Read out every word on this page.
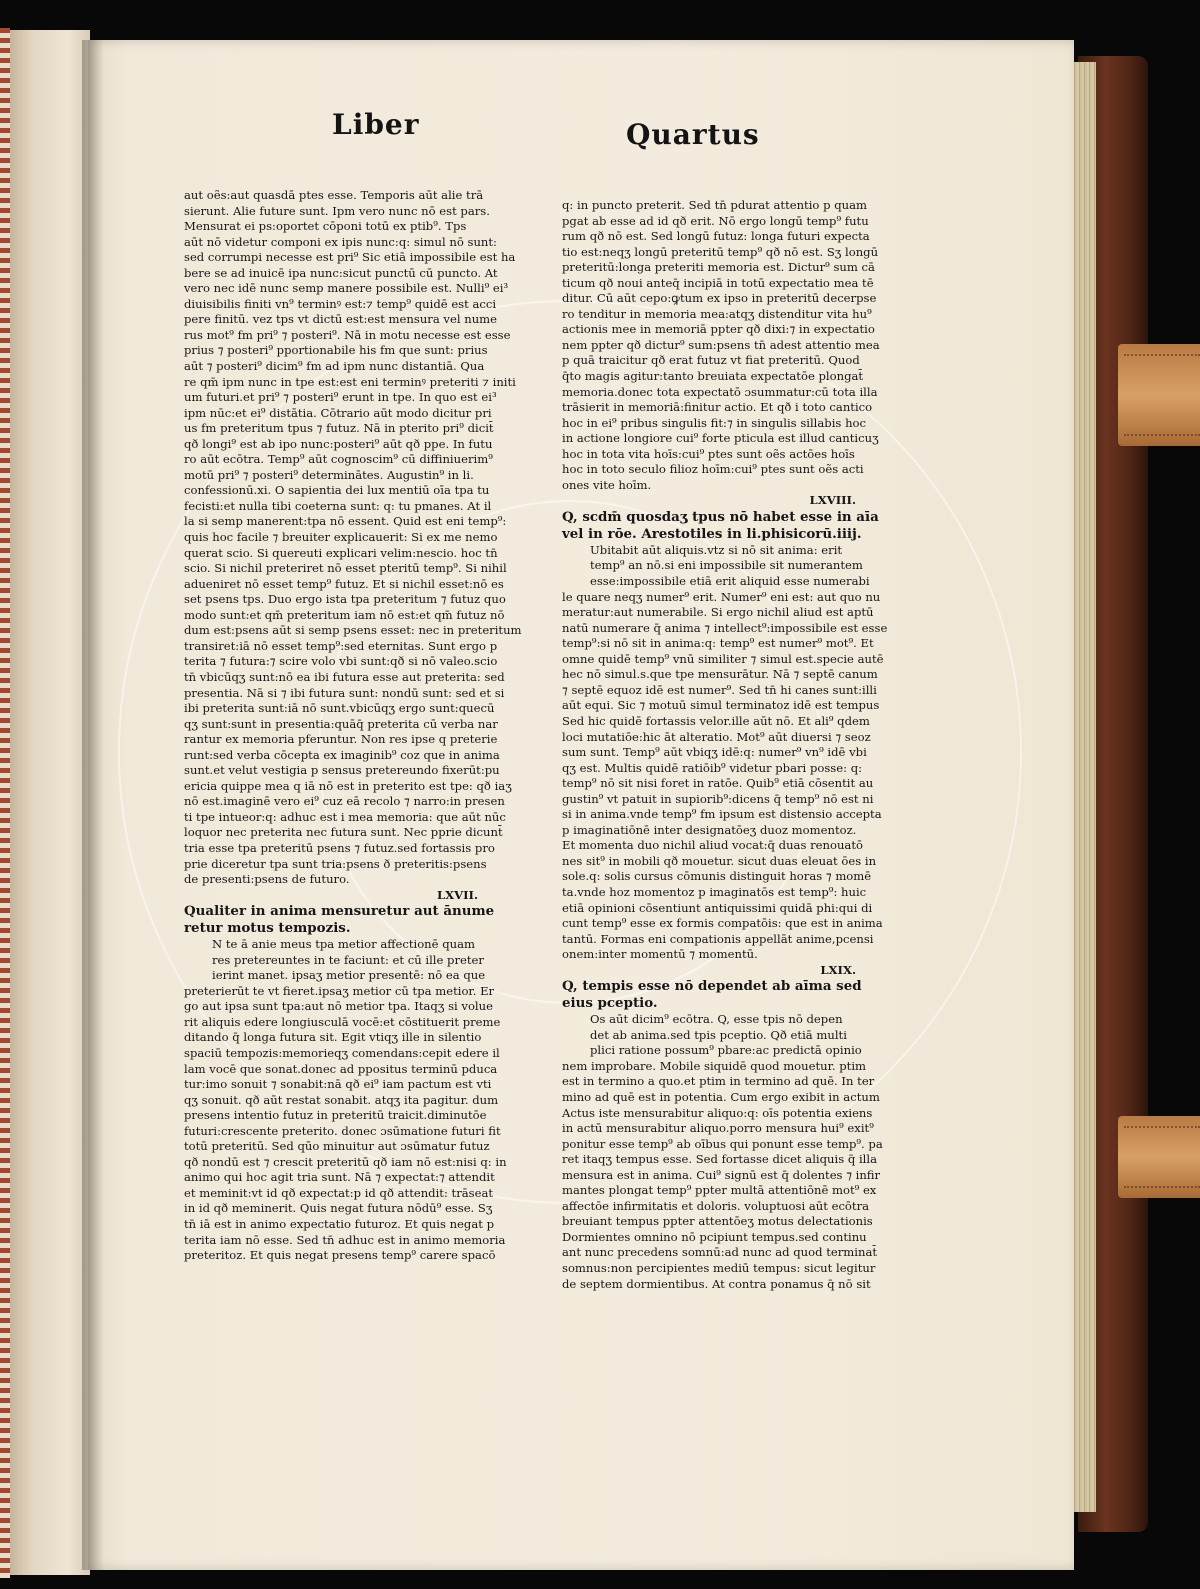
Liber	Quartus
aut oẽs:aut quasdā ptes esse. Temporis aūt alie trā
sierunt. Alie future sunt. Ipm vero nunc nō est pars.
Mensurat ei ps:oportet cōponi totū ex ptib⁹. Tps
aūt nō videtur componi ex ipis nunc:q: simul nō sunt:
sed corrumpi necesse est pri⁹ Sic etiā impossibile est ha
bere se ad inuicē ipa nunc:sicut punctū cū puncto. At
vero nec idē nunc semp manere possibile est. Nulli⁹ ei³
diuisibilis finiti vn⁹ terminꝰ est:⁊ temp⁹ quidē est acci
pere finitū. vez tps vt dictū est:est mensura vel nume
rus mot⁹ fm pri⁹ ⁊ posteri⁹. Nā in motu necesse est esse
prius ⁊ posteri⁹ pportionabile his fm que sunt: prius
aūt ⁊ posteri⁹ dicim⁹ fm ad ipm nunc distantiā. Qua
re qm̄ ipm nunc in tpe est:est eni terminꝰ preteriti ⁊ initi
um futuri.et pri⁹ ⁊ posteri⁹ erunt in tpe. In quo est ei³
ipm nūc:et ei⁹ distātia. Cōtrario aūt modo dicitur pri
us fm preteritum tpus ⁊ futuz. Nā in pterito pri⁹ dicit̄
qð longi⁹ est ab ipo nunc:posteri⁹ aūt qð ppe. In futu
ro aūt ecōtra. Temp⁹ aūt cognoscim⁹ cū diffiniuerim⁹
motū pri⁹ ⁊ posteri⁹ determinātes. Augustin⁹ in li.
confessionū.xi. O sapientia dei lux mentiū oīa tpa tu
fecisti:et nulla tibi coeterna sunt: q: tu pmanes. At il
la si semp manerent:tpa nō essent. Quid est eni temp⁹:
quis hoc facile ⁊ breuiter explicauerit: Si ex me nemo
querat scio. Si quereuti explicari velim:nescio. hoc tn̄
scio. Si nichil preteriret nō esset pteritū temp⁹. Si nihil
adueniret nō esset temp⁹ futuz. Et si nichil esset:nō es
set psens tps. Duo ergo ista tpa preteritum ⁊ futuz quo
modo sunt:et qm̄ preteritum iam nō est:et qm̄ futuz nō
dum est:psens aūt si semp psens esset: nec in preteritum
transiret:iā nō esset temp⁹:sed eternitas. Sunt ergo p
terita ⁊ futura:⁊ scire volo vbi sunt:qð si nō valeo.scio
tn̄ vbicūqʒ sunt:nō ea ibi futura esse aut preterita: sed
presentia. Nā si ⁊ ibi futura sunt: nondū sunt: sed et si
ibi preterita sunt:iā nō sunt.vbicūqʒ ergo sunt:quecū
qʒ sunt:sunt in presentia:quāq̄ preterita cū verba nar
rantur ex memoria pferuntur. Non res ipse q preterie
runt:sed verba cōcepta ex imaginib⁹ coz que in anima
sunt.et velut vestigia p sensus pretereundo fixerūt:pu
ericia quippe mea q iā nō est in preterito est tpe: qð iaʒ
nō est.imaginē vero ei⁹ cuz eā recolo ⁊ narro:in presen
ti tpe intueor:q: adhuc est i mea memoria: que aūt nūc
loquor nec preterita nec futura sunt. Nec pprie dicunt̄
tria esse tpa preteritū psens ⁊ futuz.sed fortassis pro
prie diceretur tpa sunt tria:psens ð preteritis:psens
de presenti:psens de futuro.
LXVII.
Qualiter in anima mensuretur aut ānume
retur motus tempozis.
N te ā anie meus tpa metior affectionē quam
res pretereuntes in te faciunt: et cū ille preter
ierint manet. ipsaʒ metior presentē: nō ea que
preterierūt te vt fieret.ipsaʒ metior cū tpa metior. Er
go aut ipsa sunt tpa:aut nō metior tpa. Itaqʒ si volue
rit aliquis edere longiusculā vocē:et cōstituerit preme
ditando q̄ longa futura sit. Egit vtiqʒ ille in silentio
spaciū tempozis:memorieqʒ comendans:cepit edere il
lam vocē que sonat.donec ad ppositus terminū pduca
tur:imo sonuit ⁊ sonabit:nā qð ei⁹ iam pactum est vti
qʒ sonuit. qð aūt restat sonabit. atqʒ ita pagitur. dum
presens intentio futuz in preteritū traicit.diminutōe
futuri:crescente preterito. donec ɔsūmatione futuri fit
totū preteritū. Sed qūo minuitur aut ɔsūmatur futuz
qð nondū est ⁊ crescit preteritū qð iam nō est:nisi q: in
animo qui hoc agit tria sunt. Nā ⁊ expectat:⁊ attendit
et meminit:vt id qð expectat:p id qð attendit: trāseat
in id qð meminerit. Quis negat futura nōdū⁹ esse. Sʒ
tn̄ iā est in animo expectatio futuroz. Et quis negat p
terita iam nō esse. Sed tn̄ adhuc est in animo memoria
preteritoz. Et quis negat presens temp⁹ carere spacō
q: in puncto preterit. Sed tn̄ pdurat attentio p quam
pgat ab esse ad id qð erit. Nō ergo longū temp⁹ futu
rum qð nō est. Sed longū futuz: longa futuri expecta
tio est:neqʒ longū preteritū temp⁹ qð nō est. Sʒ longū
preteritū:longa preteriti memoria est. Dictur⁹ sum cā
ticum qð noui anteq̄ incipiā in totū expectatio mea tē
ditur. Cū aūt cepo:ꝙtum ex ipso in preteritū decerpse
ro tenditur in memoria mea:atqʒ distenditur vita hu⁹
actionis mee in memoriā ppter qð dixi:⁊ in expectatio
nem ppter qð dictur⁹ sum:psens tn̄ adest attentio mea
p quā traicitur qð erat futuz vt fiat preteritū. Quod
q̄to magis agitur:tanto breuiata expectatōe plongat̄
memoria.donec tota expectatō ɔsummatur:cū tota illa
trāsierit in memoriā:finitur actio. Et qð i toto cantico
hoc in ei⁹ pribus singulis fit:⁊ in singulis sillabis hoc
in actione longiore cui⁹ forte pticula est illud canticuʒ
hoc in tota vita hoīs:cui⁹ ptes sunt oẽs actōes hoīs
hoc in toto seculo filioz hoīm:cui⁹ ptes sunt oẽs acti
ones vite hoīm.
LXVIII.
Q, scdm̄ quosdaʒ tpus nō habet esse in aīa
vel in rōe. Arestotiles in li.phisicorū.iiij.
Ubitabit aūt aliquis.vtz si nō sit anima: erit
temp⁹ an nō.si eni impossibile sit numerantem
esse:impossibile etiā erit aliquid esse numerabi
le quare neqʒ numer⁹ erit. Numer⁹ eni est: aut quo nu
meratur:aut numerabile. Si ergo nichil aliud est aptū
natū numerare q̄ anima ⁊ intellect⁹:impossibile est esse
temp⁹:si nō sit in anima:q: temp⁹ est numer⁹ mot⁹. Et
omne quidē temp⁹ vnū similiter ⁊ simul est.specie autē
hec nō simul.s.que tpe mensurātur. Nā ⁊ septē canum
⁊ septē equoz idē est numer⁹. Sed tn̄ hi canes sunt:illi
aūt equi. Sic ⁊ motuū simul terminatoz idē est tempus
Sed hic quidē fortassis velor.ille aūt nō. Et ali⁹ qdem
loci mutatiōe:hic āt alteratio. Mot⁹ aūt diuersi ⁊ seoz
sum sunt. Temp⁹ aūt vbiqʒ idē:q: numer⁹ vn⁹ idē vbi
qʒ est. Multis quidē ratiōib⁹ videtur pbari posse: q:
temp⁹ nō sit nisi foret in ratōe. Quib⁹ etiā cōsentit au
gustin⁹ vt patuit in supiorib⁹:dicens q̄ temp⁹ nō est ni
si in anima.vnde temp⁹ fm ipsum est distensio accepta
p imaginatiōnē inter designatōeʒ duoz momentoz.
Et momenta duo nichil aliud vocat:q̄ duas renouatō
nes sit⁹ in mobili qð mouetur. sicut duas eleuat ōes in
sole.q: solis cursus cōmunis distinguit horas ⁊ momē
ta.vnde hoz momentoz p imaginatōs est temp⁹: huic
etiā opinioni cōsentiunt antiquissimi quidā phi:qui di
cunt temp⁹ esse ex formis compatōis: que est in anima
tantū. Formas eni compationis appellāt anime,pcensi
onem:inter momentū ⁊ momentū.
LXIX.
Q, tempis esse nō dependet ab aīma sed
eius pceptio.
Os aūt dicim⁹ ecōtra. Q, esse tpis nō depen
det ab anima.sed tpis pceptio. Qð etiā multi
plici ratione possum⁹ pbare:ac predictā opinio
nem improbare. Mobile siquidē quod mouetur. ptim
est in termino a quo.et ptim in termino ad quē. In ter
mino ad quē est in potentia. Cum ergo exibit in actum
Actus iste mensurabitur aliquo:q: oīs potentia exiens
in actū mensurabitur aliquo.porro mensura hui⁹ exit⁹
ponitur esse temp⁹ ab oībus qui ponunt esse temp⁹. pa
ret itaqʒ tempus esse. Sed fortasse dicet aliquis q̄ illa
mensura est in anima. Cui⁹ signū est q̄ dolentes ⁊ infir
mantes plongat temp⁹ ppter multā attentiōnē mot⁹ ex
affectōe infirmitatis et doloris. voluptuosi aūt ecōtra
breuiant tempus ppter attentōeʒ motus delectationis
Dormientes omnino nō pcipiunt tempus.sed continu
ant nunc precedens somnū:ad nunc ad quod terminat̄
somnus:non percipientes mediū tempus: sicut legitur
de septem dormientibus. At contra ponamus q̄ nō sit
